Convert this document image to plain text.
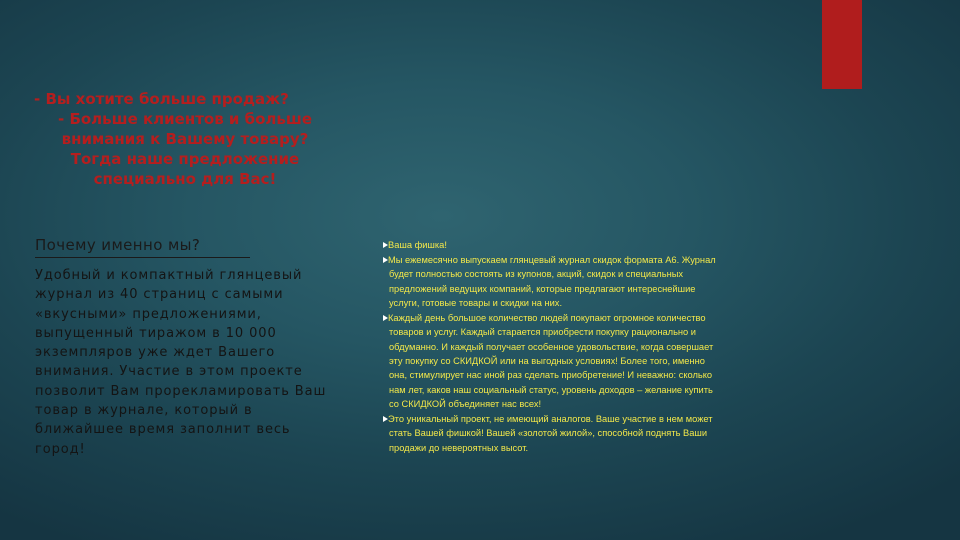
- Вы хотите больше продаж?
- Больше клиентов и больше
внимания к Вашему товару?
Тогда наше предложение
специально для Вас!
Почему именно мы?

Удобный и компактный глянцевый
журнал из 40 страниц с самыми
«вкусными» предложениями,
выпущенный тиражом в 10 000
экземпляров уже ждет Вашего
внимания. Участие в этом проекте
позволит Вам прорекламировать Ваш
товар в журнале, который в
ближайшее время заполнит весь
город!

Ваша фишка!
Мы ежемесячно выпускаем глянцевый журнал скидок формата А6. Журнал
будет полностью состоять из купонов, акций, скидок и специальных
предложений ведущих компаний, которые предлагают интереснейшие
услуги, готовые товары и скидки на них.
Каждый день большое количество людей покупают огромное количество
товаров и услуг. Каждый старается приобрести покупку рационально и
обдуманно. И каждый получает особенное удовольствие, когда совершает
эту покупку со СКИДКОЙ или на выгодных условиях! Более того, именно
она, стимулирует нас иной раз сделать приобретение! И неважно: сколько
нам лет, каков наш социальный статус, уровень доходов – желание купить
со СКИДКОЙ объединяет нас всех!
Это уникальный проект, не имеющий аналогов. Ваше участие в нем может
стать Вашей фишкой! Вашей «золотой жилой», способной поднять Ваши
продажи до невероятных высот.
